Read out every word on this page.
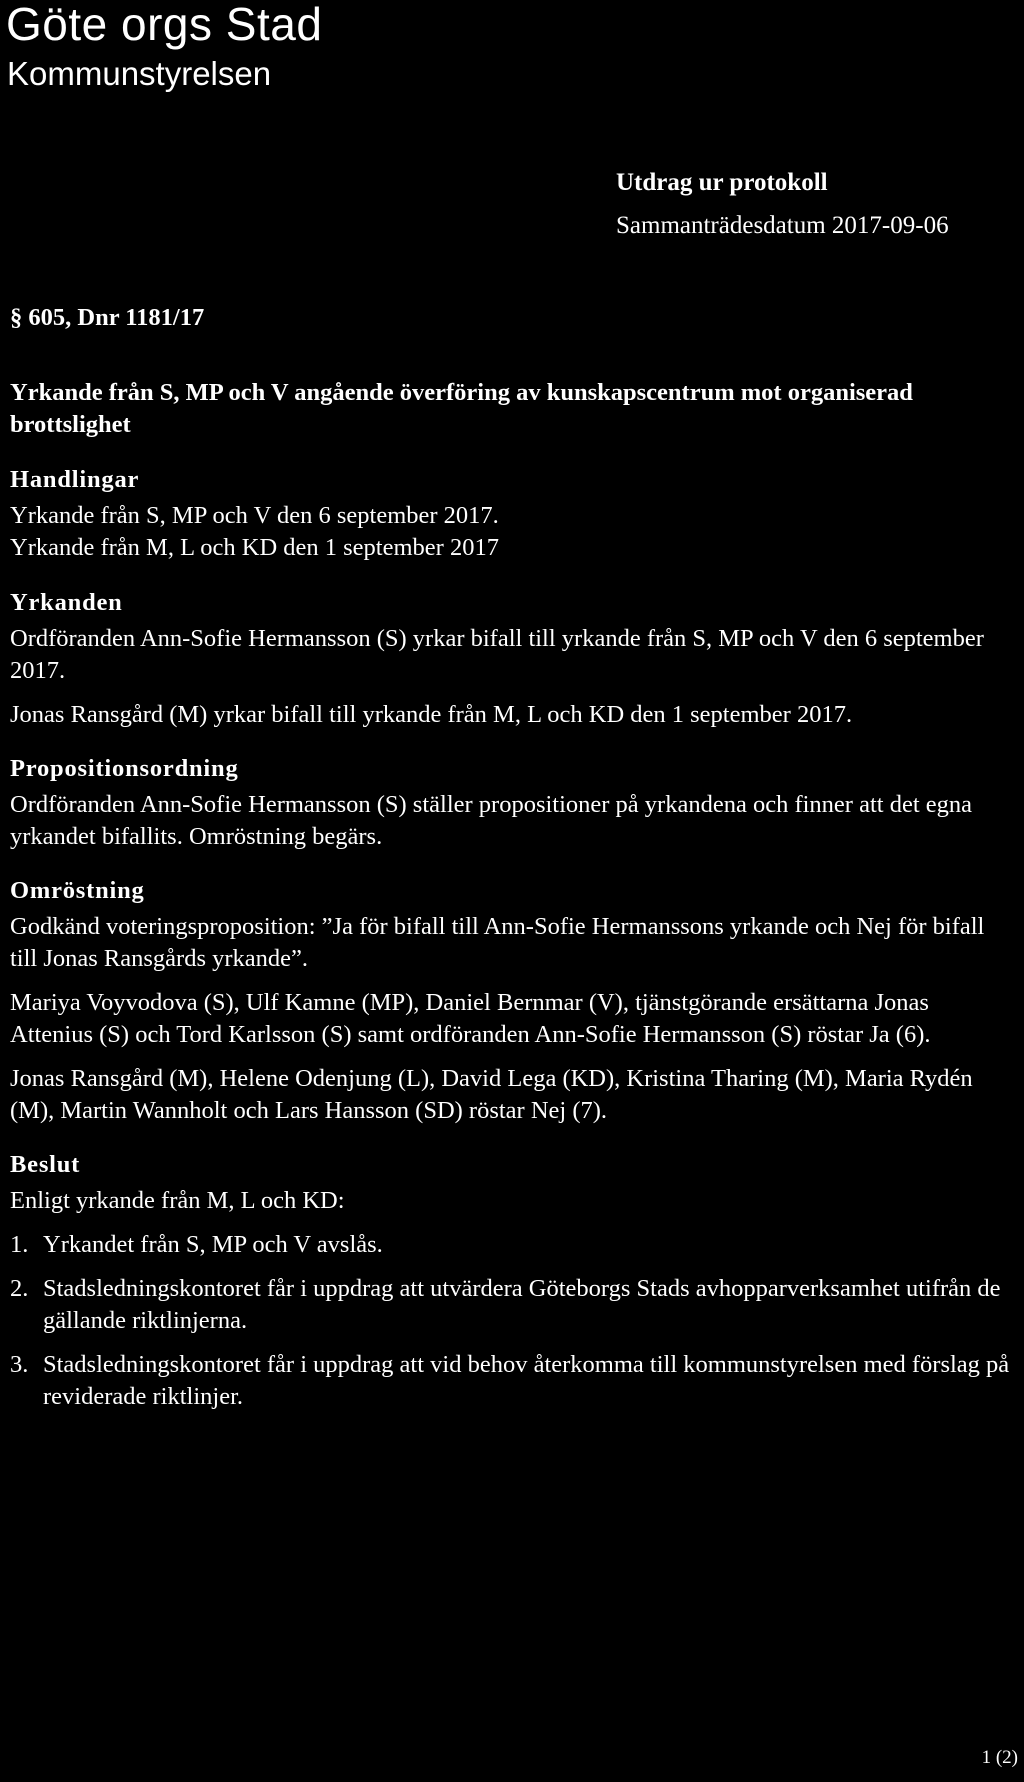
Göte orgs Stad
Kommunstyrelsen
Utdrag ur protokoll
Sammanträdesdatum 2017-09-06
§ 605, Dnr 1181/17
Yrkande från S, MP och V angående överföring av kunskapscentrum mot organiserad brottslighet
Handlingar
Yrkande från S, MP och V den 6 september 2017.
Yrkande från M, L och KD den 1 september 2017
Yrkanden
Ordföranden Ann-Sofie Hermansson (S) yrkar bifall till yrkande från S, MP och V den 6 september 2017.
Jonas Ransgård (M) yrkar bifall till yrkande från M, L och KD den 1 september 2017.
Propositionsordning
Ordföranden Ann-Sofie Hermansson (S) ställer propositioner på yrkandena och finner att det egna yrkandet bifallits. Omröstning begärs.
Omröstning
Godkänd voteringsproposition: ”Ja för bifall till Ann-Sofie Hermanssons yrkande och Nej för bifall till Jonas Ransgårds yrkande”.
Mariya Voyvodova (S), Ulf Kamne (MP), Daniel Bernmar (V), tjänstgörande ersättarna Jonas Attenius (S) och Tord Karlsson (S) samt ordföranden Ann-Sofie Hermansson (S) röstar Ja (6).
Jonas Ransgård (M), Helene Odenjung (L), David Lega (KD), Kristina Tharing (M), Maria Rydén (M), Martin Wannholt och Lars Hansson (SD) röstar Nej (7).
Beslut
Enligt yrkande från M, L och KD:
1. Yrkandet från S, MP och V avslås.
2. Stadsledningskontoret får i uppdrag att utvärdera Göteborgs Stads avhopparverksamhet utifrån de gällande riktlinjerna.
3. Stadsledningskontoret får i uppdrag att vid behov återkomma till kommunstyrelsen med förslag på reviderade riktlinjer.
1 (2)
